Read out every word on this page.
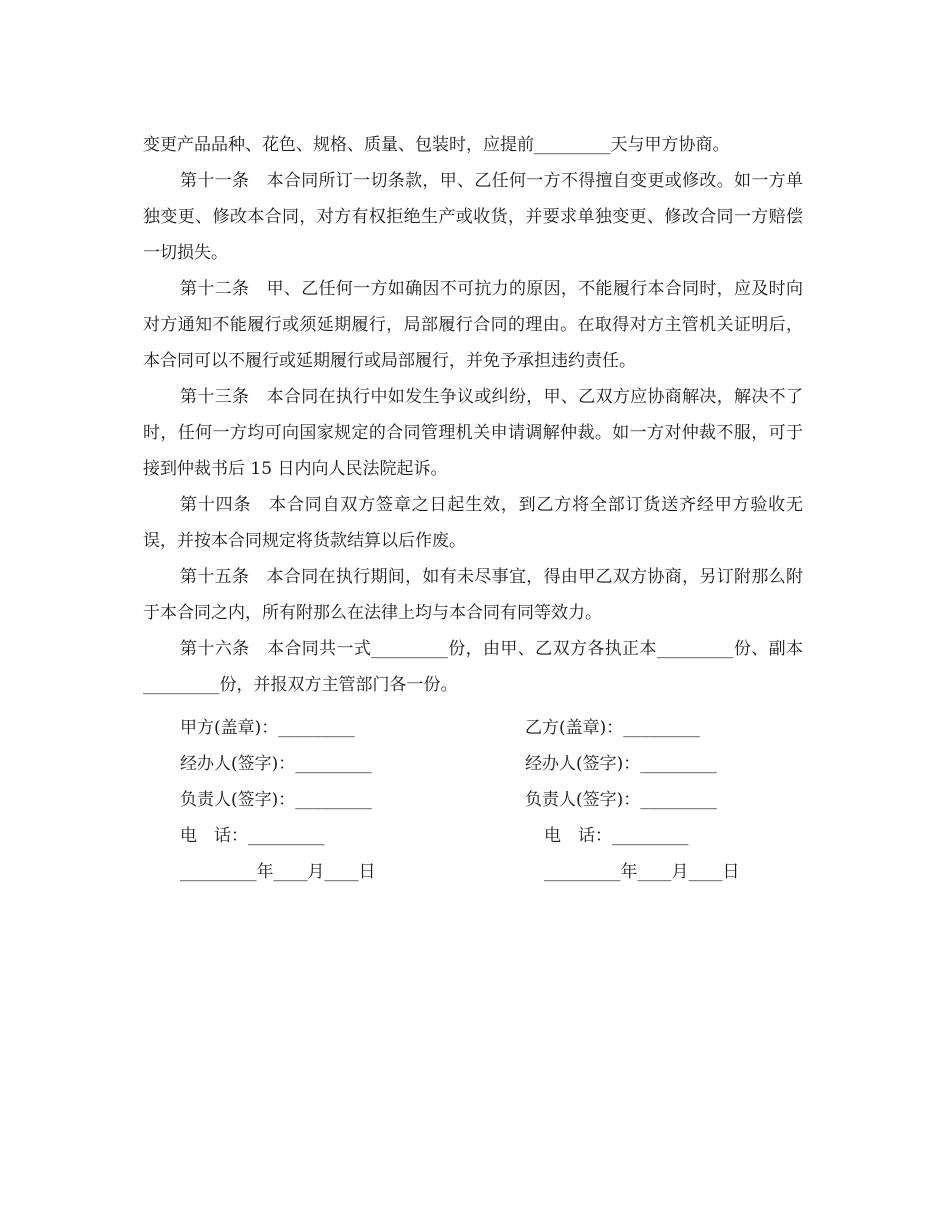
变更产品品种、花色、规格、质量、包装时，应提前_________天与甲方协商。

第十一条　本合同所订一切条款，甲、乙任何一方不得擅自变更或修改。如一方单独变更、修改本合同，对方有权拒绝生产或收货，并要求单独变更、修改合同一方赔偿一切损失。

第十二条　甲、乙任何一方如确因不可抗力的原因，不能履行本合同时，应及时向对方通知不能履行或须延期履行，局部履行合同的理由。在取得对方主管机关证明后，本合同可以不履行或延期履行或局部履行，并免予承担违约责任。

第十三条　本合同在执行中如发生争议或纠纷，甲、乙双方应协商解决，解决不了时，任何一方均可向国家规定的合同管理机关申请调解仲裁。如一方对仲裁不服，可于接到仲裁书后 15 日内向人民法院起诉。

第十四条　本合同自双方签章之日起生效，到乙方将全部订货送齐经甲方验收无误，并按本合同规定将货款结算以后作废。

第十五条　本合同在执行期间，如有未尽事宜，得由甲乙双方协商，另订附那么附于本合同之内，所有附那么在法律上均与本合同有同等效力。

第十六条　本合同共一式_________份，由甲、乙双方各执正本_________份、副本_________份，并报双方主管部门各一份。

甲方(盖章)：_________	乙方(盖章)：_________
经办人(签字)：_________	经办人(签字)：_________
负责人(签字)：_________	负责人(签字)：_________
电　话：_________	电　话：_________
_________年____月____日	_________年____月____日
